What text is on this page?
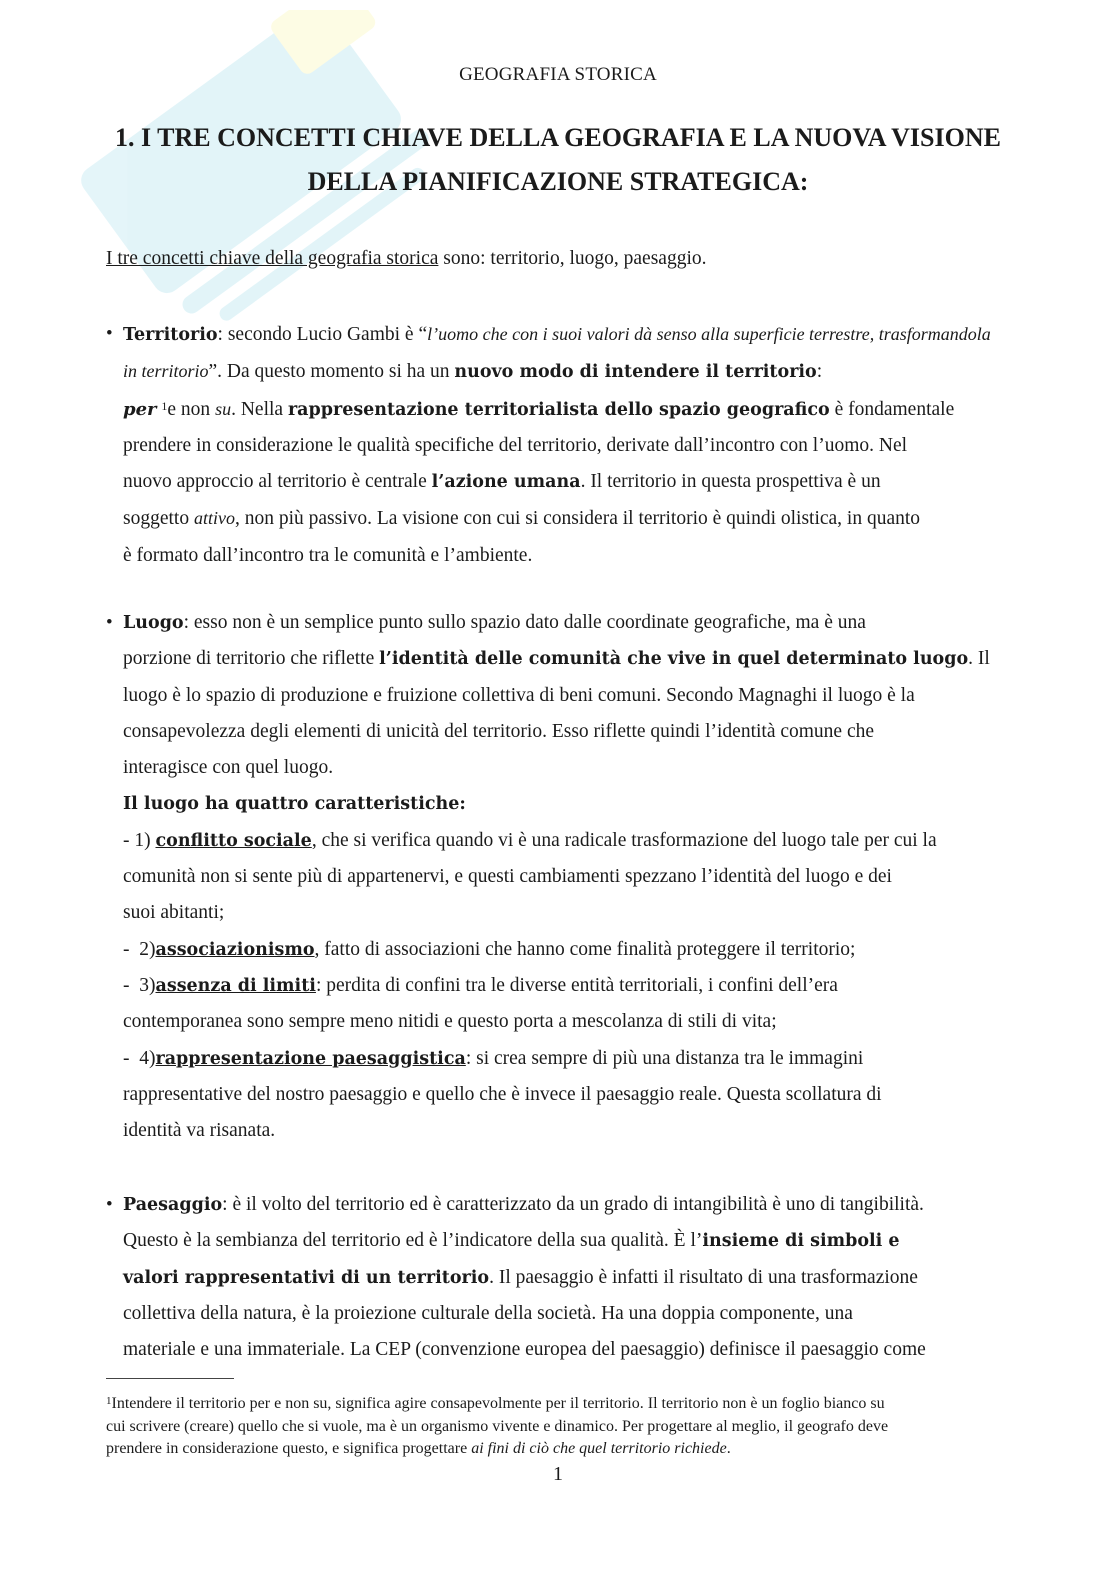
GEOGRAFIA STORICA
1. I TRE CONCETTI CHIAVE DELLA GEOGRAFIA E LA NUOVA VISIONE
DELLA PIANIFICAZIONE STRATEGICA:
I tre concetti chiave della geografia storica sono: territorio, luogo, paesaggio.
• Territorio: secondo Lucio Gambi è “l’uomo che con i suoi valori dà senso alla superficie terrestre, trasformandola
in territorio”. Da questo momento si ha un nuovo modo di intendere il territorio:
per $^1$e non su. Nella rappresentazione territorialista dello spazio geografico è fondamentale
prendere in considerazione le qualità specifiche del territorio, derivate dall’incontro con l’uomo. Nel
nuovo approccio al territorio è centrale l’azione umana. Il territorio in questa prospettiva è un
soggetto attivo, non più passivo. La visione con cui si considera il territorio è quindi olistica, in quanto
è formato dall’incontro tra le comunità e l’ambiente.
• Luogo: esso non è un semplice punto sullo spazio dato dalle coordinate geografiche, ma è una
porzione di territorio che riflette l’identità delle comunità che vive in quel determinato luogo. Il
luogo è lo spazio di produzione e fruizione collettiva di beni comuni. Secondo Magnaghi il luogo è la
consapevolezza degli elementi di unicità del territorio. Esso riflette quindi l’identità comune che
interagisce con quel luogo.
Il luogo ha quattro caratteristiche:
- 1) conflitto sociale, che si verifica quando vi è una radicale trasformazione del luogo tale per cui la
comunità non si sente più di appartenervi, e questi cambiamenti spezzano l’identità del luogo e dei
suoi abitanti;
-  2)associazionismo, fatto di associazioni che hanno come finalità proteggere il territorio;
-  3)assenza di limiti: perdita di confini tra le diverse entità territoriali, i confini dell’era
contemporanea sono sempre meno nitidi e questo porta a mescolanza di stili di vita;
-  4)rappresentazione paesaggistica: si crea sempre di più una distanza tra le immagini
rappresentative del nostro paesaggio e quello che è invece il paesaggio reale. Questa scollatura di
identità va risanata.
• Paesaggio: è il volto del territorio ed è caratterizzato da un grado di intangibilità è uno di tangibilità.
Questo è la sembianza del territorio ed è l’indicatore della sua qualità. È l’insieme di simboli e
valori rappresentativi di un territorio. Il paesaggio è infatti il risultato di una trasformazione
collettiva della natura, è la proiezione culturale della società. Ha una doppia componente, una
materiale e una immateriale. La CEP (convenzione europea del paesaggio) definisce il paesaggio come
$^1$Intendere il territorio per e non su, significa agire consapevolmente per il territorio. Il territorio non è un foglio bianco su
cui scrivere (creare) quello che si vuole, ma è un organismo vivente e dinamico. Per progettare al meglio, il geografo deve
prendere in considerazione questo, e significa progettare ai fini di ciò che quel territorio richiede.
1
